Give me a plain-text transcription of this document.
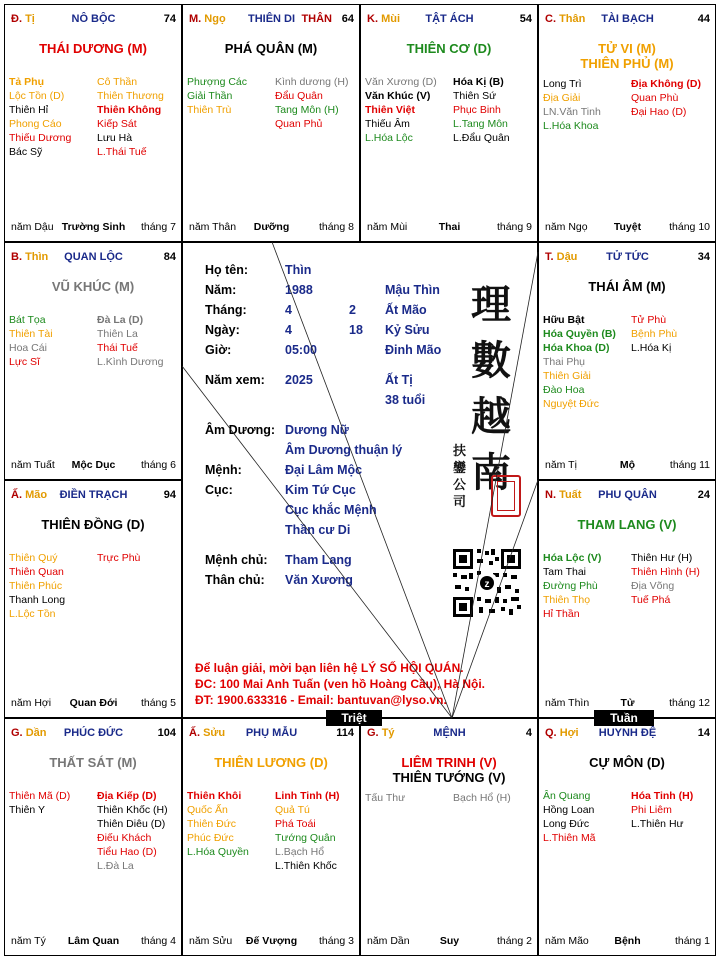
Đ. Tị	NÔ BỘC	74
THÁI DƯƠNG (M)
Tả Phụ
Lộc Tồn (D)
Thiên Hỉ
Phong Cáo
Thiếu Dương
Bác Sỹ
Cô Thần
Thiên Thương
Thiên Không
Kiếp Sát
Lưu Hà
L.Thái Tuế
năm Dậu Trường Sinh	tháng 7
M. Ngọ	THIÊN DI THÂN 64
PHÁ QUÂN (M)
Phượng Các
Giải Thần
Thiên Trù
Kình dương (H)
Đẩu Quân
Tang Môn (H)
Quan Phủ
năm Thân	Dưỡng	tháng 8
K. Mùi	TẬT ÁCH	54
THIÊN CƠ (D)
Văn Xương (D)
Văn Khúc (V)
Thiên Việt
Thiếu Âm
L.Hóa Lộc
Hóa Kị (B)
Thiên Sứ
Phục Binh
L.Tang Môn
L.Đẩu Quân
năm Mùi	Thai	tháng 9
C. Thân	TÀI BẠCH	44
TỬ VI (M)
THIÊN PHỦ (M)
Long Trì
Địa Giải
LN.Văn Tinh
L.Hóa Khoa
Địa Không (D)
Quan Phù
Đại Hao (D)
năm Ngọ	Tuyệt	tháng 10
B. Thìn	QUAN LỘC	84
VŨ KHÚC (M)
Bát Tọa
Thiên Tài
Hoa Cái
Lực Sĩ
Đà La (D)
Thiên La
Thái Tuế
L.Kình Dương
năm Tuất	Mộc Dục	tháng 6
T. Dậu	TỬ TỨC	34
THÁI ÂM (M)
Hữu Bật
Hóa Quyền (B)
Hóa Khoa (D)
Thai Phụ
Thiên Giải
Đào Hoa
Nguyệt Đức
Tử Phù
Bệnh Phù
L.Hóa Kị
năm Tị	Mộ	tháng 11
Ấ. Mão	ĐIỀN TRẠCH	94
THIÊN ĐỒNG (D)
Thiên Quý
Thiên Quan
Thiên Phúc
Thanh Long
L.Lộc Tồn
Trực Phù
năm Hợi	Quan Đới	tháng 5
N. Tuất	PHU QUÂN	24
THAM LANG (V)
Hóa Lộc (V)
Tam Thai
Đường Phù
Thiên Thọ
Hỉ Thần
Thiên Hư (H)
Thiên Hình (H)
Địa Võng
Tuế Phá
năm Thìn	Tử	tháng 12
G. Dần	PHÚC ĐỨC	104
THẤT SÁT (M)
Thiên Mã (D)
Thiên Y
Địa Kiếp (D)
Thiên Khốc (H)
Thiên Diêu (D)
Điếu Khách
Tiểu Hao (D)
L.Đà La
năm Tý	Lâm Quan	tháng 4
Ấ. Sửu	PHỤ MẪU	114
THIÊN LƯƠNG (D)
Thiên Khôi
Quốc Ấn
Thiên Đức
Phúc Đức
L.Hóa Quyền
Linh Tinh (H)
Quả Tú
Phá Toái
Tướng Quân
L.Bạch Hổ
L.Thiên Khốc
năm Sửu	Đế Vượng	tháng 3
G. Tý	MỆNH	4
LIÊM TRINH (V)
THIÊN TƯỚNG (V)
Tấu Thư	Bạch Hổ (H)
năm Dần	Suy	tháng 2
Q. Hợi	HUYNH ĐỆ	14
CỰ MÔN (D)
Ân Quang
Hồng Loan
Long Đức
L.Thiên Mã
Hóa Tinh (H)
Phi Liêm
L.Thiên Hư
năm Mão	Bệnh	tháng 1
Họ tên:	Thìn
Năm:	1988	Mậu Thìn
Tháng:	4	2 Ất Mão
Ngày:	4	18 Kỷ Sửu
Giờ:	05:00	Đinh Mão
Năm xem: 2025	Ất Tị
38 tuổi
Âm Dương: Dương Nữ
Âm Dương thuận lý
Mệnh:	Đại Lâm Mộc
Cục:	Kim Tứ Cục
Cục khắc Mệnh
Thần cư Di
Mệnh chủ: Tham Lang
Thân chủ: Văn Xương
理
數
越
南
扶鑾公司
z
Để luận giải, mời bạn liên hệ LÝ SỐ HỘI QUÁN.
ĐC: 100 Mai Anh Tuấn (ven hồ Hoàng Cầu), Hà Nội.
ĐT: 1900.633316 - Email: bantuvan@lyso.vn.
Triệt	Tuần
